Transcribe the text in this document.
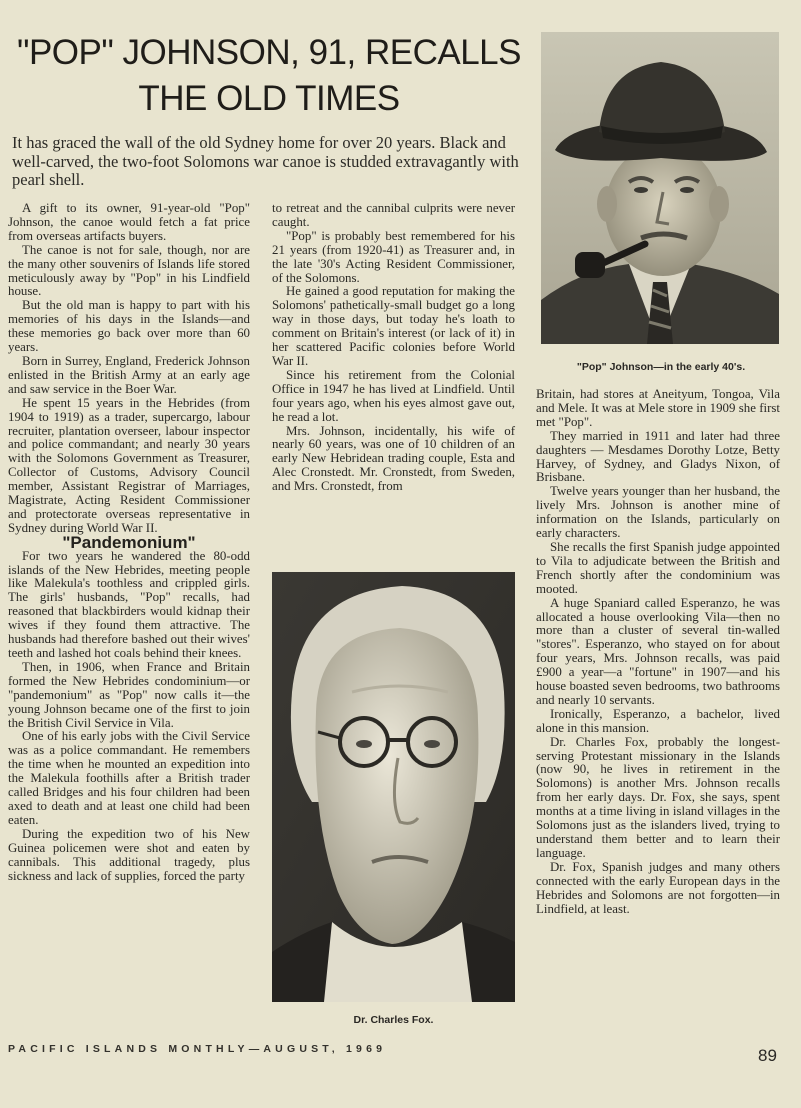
"POP" JOHNSON, 91, RECALLS
THE OLD TIMES

It has graced the wall of the old Sydney home for over 20 years. Black and well-carved, the two-foot Solomons war canoe is studded extravagantly with pearl shell.

A gift to its owner, 91-year-old "Pop" Johnson, the canoe would fetch a fat price from overseas artifacts buyers.

The canoe is not for sale, though, nor are the many other souvenirs of Islands life stored meticulously away by "Pop" in his Lindfield house.

But the old man is happy to part with his memories of his days in the Islands—and these memories go back over more than 60 years.

Born in Surrey, England, Frederick Johnson enlisted in the British Army at an early age and saw service in the Boer War.

He spent 15 years in the Hebrides (from 1904 to 1919) as a trader, supercargo, labour recruiter, plantation overseer, labour inspector and police commandant; and nearly 30 years with the Solomons Government as Treasurer, Collector of Customs, Advisory Council member, Assistant Registrar of Marriages, Magistrate, Acting Resident Commissioner and protectorate overseas representative in Sydney during World War II.

"Pandemonium"

For two years he wandered the 80-odd islands of the New Hebrides, meeting people like Malekula's toothless and crippled girls. The girls' husbands, "Pop" recalls, had reasoned that blackbirders would kidnap their wives if they found them attractive. The husbands had therefore bashed out their wives' teeth and lashed hot coals behind their knees.

Then, in 1906, when France and Britain formed the New Hebrides condominium—or "pandemonium" as "Pop" now calls it—the young Johnson became one of the first to join the British Civil Service in Vila.

One of his early jobs with the Civil Service was as a police commandant. He remembers the time when he mounted an expedition into the Malekula foothills after a British trader called Bridges and his four children had been axed to death and at least one child had been eaten.

During the expedition two of his New Guinea policemen were shot and eaten by cannibals. This additional tragedy, plus sickness and lack of supplies, forced the party

to retreat and the cannibal culprits were never caught.

"Pop" is probably best remembered for his 21 years (from 1920-41) as Treasurer and, in the late '30's Acting Resident Commissioner, of the Solomons.

He gained a good reputation for making the Solomons' pathetically-small budget go a long way in those days, but today he's loath to comment on Britain's interest (or lack of it) in her scattered Pacific colonies before World War II.

Since his retirement from the Colonial Office in 1947 he has lived at Lindfield. Until four years ago, when his eyes almost gave out, he read a lot.

Mrs. Johnson, incidentally, his wife of nearly 60 years, was one of 10 children of an early New Hebridean trading couple, Esta and Alec Cronstedt. Mr. Cronstedt, from Sweden, and Mrs. Cronstedt, from

Britain, had stores at Aneityum, Tongoa, Vila and Mele. It was at Mele store in 1909 she first met "Pop".

They married in 1911 and later had three daughters — Mesdames Dorothy Lotze, Betty Harvey, of Sydney, and Gladys Nixon, of Brisbane.

Twelve years younger than her husband, the lively Mrs. Johnson is another mine of information on the Islands, particularly on early characters.

She recalls the first Spanish judge appointed to Vila to adjudicate between the British and French shortly after the condominium was mooted.

A huge Spaniard called Esperanzo, he was allocated a house overlooking Vila—then no more than a cluster of several tin-walled "stores". Esperanzo, who stayed on for about four years, Mrs. Johnson recalls, was paid £900 a year—a "fortune" in 1907—and his house boasted seven bedrooms, two bathrooms and nearly 10 servants.

Ironically, Esperanzo, a bachelor, lived alone in this mansion.

Dr. Charles Fox, probably the longest-serving Protestant missionary in the Islands (now 90, he lives in retirement in the Solomons) is another Mrs. Johnson recalls from her early days. Dr. Fox, she says, spent months at a time living in island villages in the Solomons just as the islanders lived, trying to understand them better and to learn their language.

Dr. Fox, Spanish judges and many others connected with the early European days in the Hebrides and Solomons are not forgotten—in Lindfield, at least.

"Pop" Johnson—in the early 40's.

Dr. Charles Fox.

PACIFIC ISLANDS MONTHLY—AUGUST, 1969	89
